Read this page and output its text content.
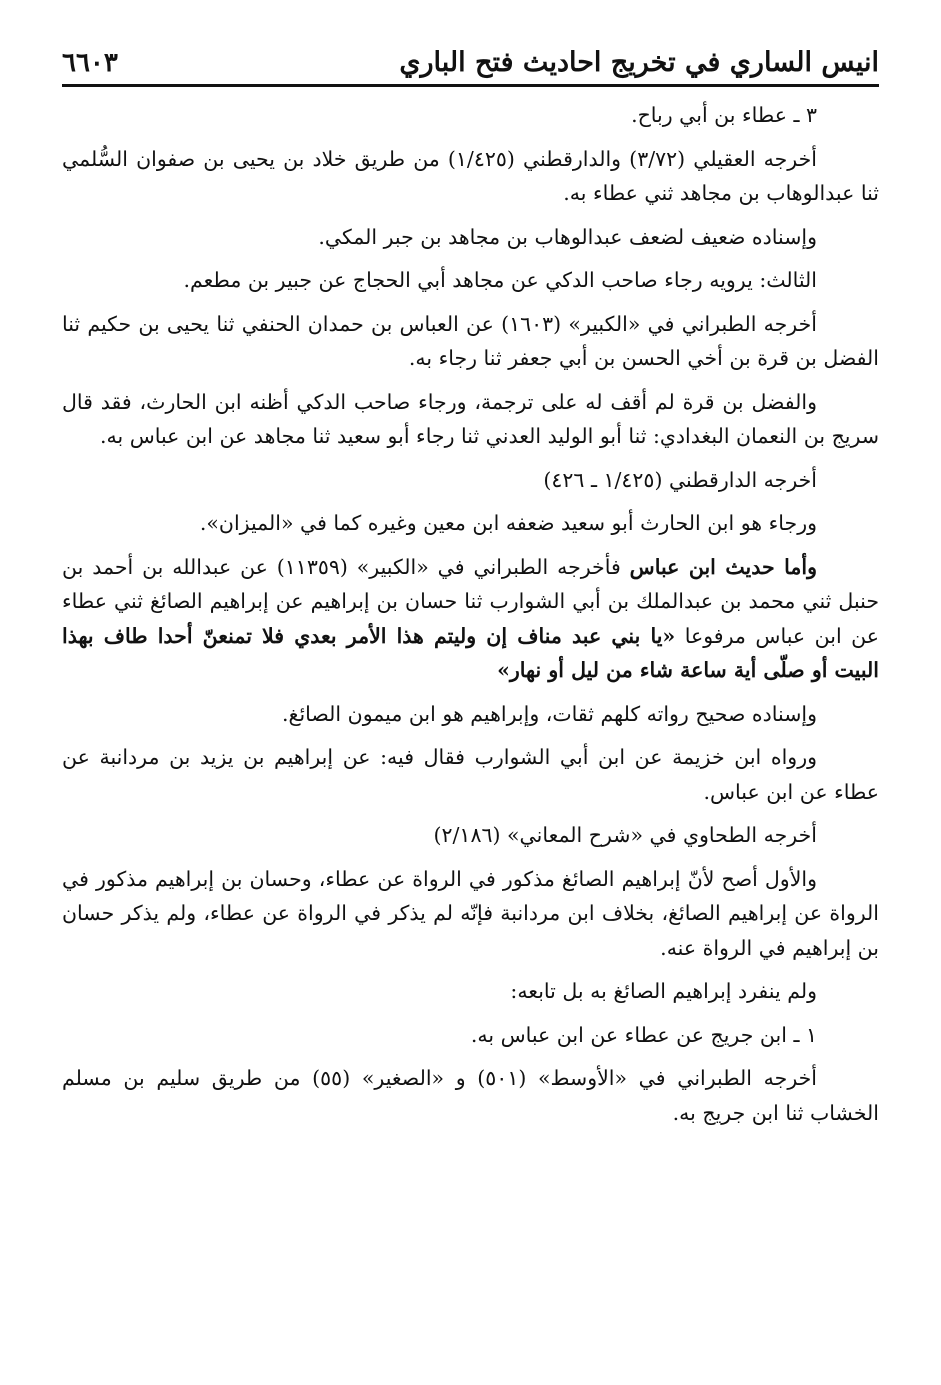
٦٦٠٣	انيس الساري في تخريج احاديث فتح الباري

٣ ـ عطاء بن أبي رباح.

أخرجه العقيلي (٣/٧٢) والدارقطني (١/٤٢٥) من طريق خلاد بن يحيى بن صفوان السُّلمي ثنا عبدالوهاب بن مجاهد ثني عطاء به.

وإسناده ضعيف لضعف عبدالوهاب بن مجاهد بن جبر المكي.

الثالث: يرويه رجاء صاحب الدكي عن مجاهد أبي الحجاج عن جبير بن مطعم.

أخرجه الطبراني في «الكبير» (١٦٠٣) عن العباس بن حمدان الحنفي ثنا يحيى بن حكيم ثنا الفضل بن قرة بن أخي الحسن بن أبي جعفر ثنا رجاء به.

والفضل بن قرة لم أقف له على ترجمة، ورجاء صاحب الدكي أظنه ابن الحارث، فقد قال سريج بن النعمان البغدادي: ثنا أبو الوليد العدني ثنا رجاء أبو سعيد ثنا مجاهد عن ابن عباس به.

أخرجه الدارقطني (١/٤٢٥ ـ ٤٢٦)

ورجاء هو ابن الحارث أبو سعيد ضعفه ابن معين وغيره كما في «الميزان».

وأما حديث ابن عباس فأخرجه الطبراني في «الكبير» (١١٣٥٩) عن عبدالله بن أحمد بن حنبل ثني محمد بن عبدالملك بن أبي الشوارب ثنا حسان بن إبراهيم عن إبراهيم الصائغ ثني عطاء عن ابن عباس مرفوعا «يا بني عبد مناف إن وليتم هذا الأمر بعدي فلا تمنعنّ أحدا طاف بهذا البيت أو صلّى أية ساعة شاء من ليل أو نهار»

وإسناده صحيح رواته كلهم ثقات، وإبراهيم هو ابن ميمون الصائغ.

ورواه ابن خزيمة عن ابن أبي الشوارب فقال فيه: عن إبراهيم بن يزيد بن مردانبة عن عطاء عن ابن عباس.

أخرجه الطحاوي في «شرح المعاني» (٢/١٨٦)

والأول أصح لأنّ إبراهيم الصائغ مذكور في الرواة عن عطاء، وحسان بن إبراهيم مذكور في الرواة عن إبراهيم الصائغ، بخلاف ابن مردانبة فإنّه لم يذكر في الرواة عن عطاء، ولم يذكر حسان بن إبراهيم في الرواة عنه.

ولم ينفرد إبراهيم الصائغ به بل تابعه:

١ ـ ابن جريج عن عطاء عن ابن عباس به.

أخرجه الطبراني في «الأوسط» (٥٠١) و «الصغير» (٥٥) من طريق سليم بن مسلم الخشاب ثنا ابن جريج به.
